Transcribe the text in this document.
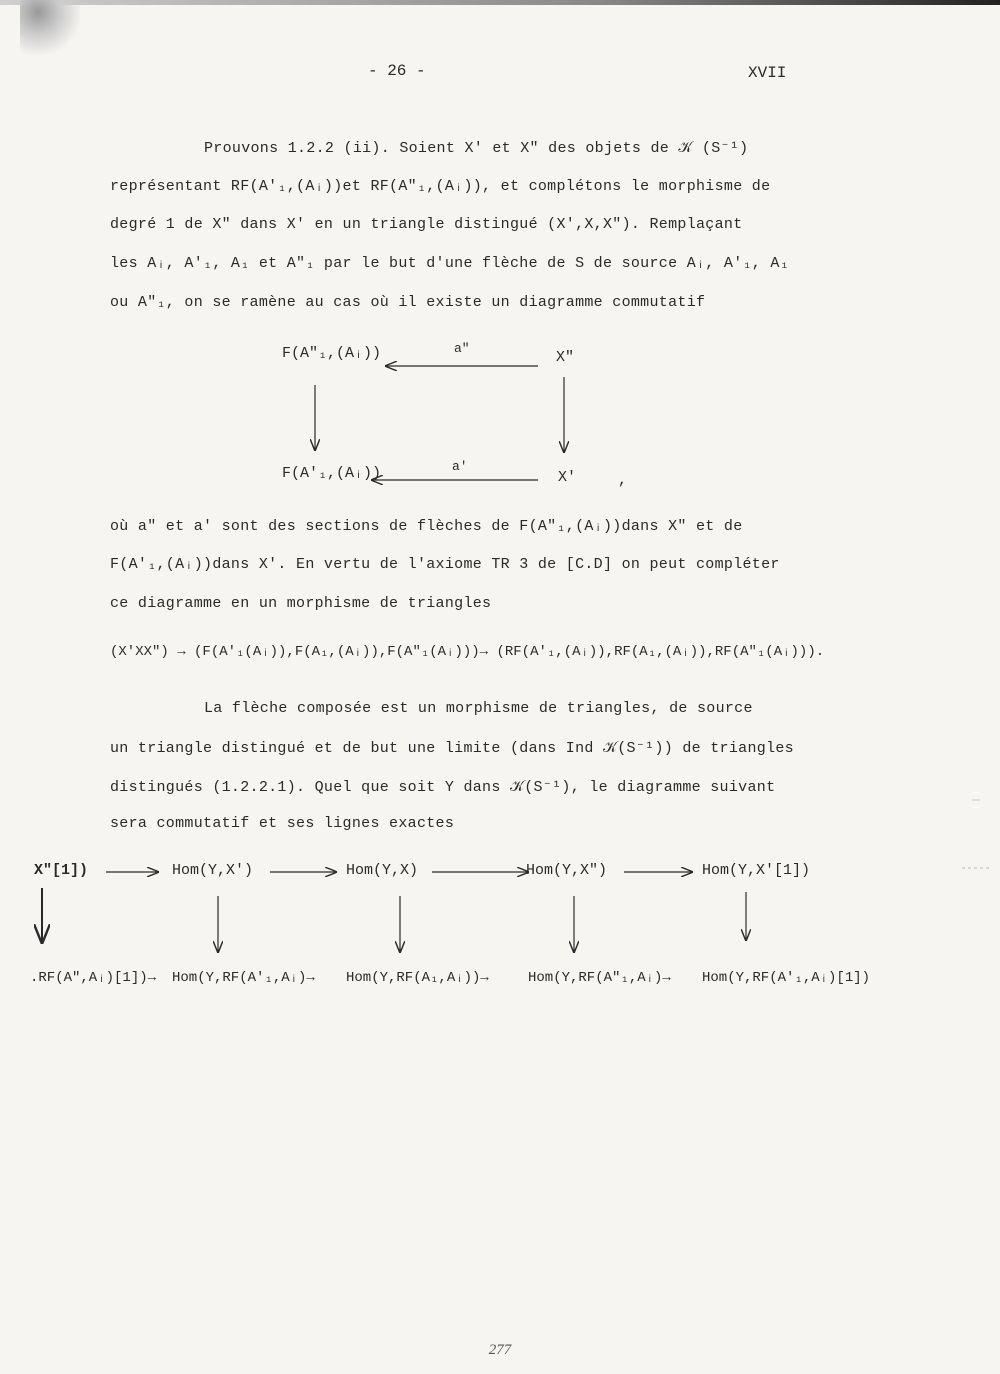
- 26 -	XVII
Prouvons 1.2.2 (ii). Soient X' et X" des objets de 𝒦 (S⁻¹)
représentant RF(A'₁,(Aᵢ))et RF(A"₁,(Aᵢ)), et complétons le morphisme de
degré 1 de X" dans X' en un triangle distingué (X',X,X"). Remplaçant
les Aᵢ, A'₁, A₁ et A"₁ par le but d'une flèche de S de source Aᵢ, A'₁, A₁
ou A"₁, on se ramène au cas où il existe un diagramme commutatif
F(A"₁,(Aᵢ))	X"
a"
F(A'₁,(Aᵢ))	X'
a'
,
où a" et a' sont des sections de flèches de F(A"₁,(Aᵢ))dans X" et de
F(A'₁,(Aᵢ))dans X'. En vertu de l'axiome TR 3 de [C.D] on peut compléter
ce diagramme en un morphisme de triangles
(X'XX") → (F(A'₁(Aᵢ)),F(A₁,(Aᵢ)),F(A"₁(Aᵢ)))→ (RF(A'₁,(Aᵢ)),RF(A₁,(Aᵢ)),RF(A"₁(Aᵢ))).
La flèche composée est un morphisme de triangles, de source
un triangle distingué et de but une limite (dans Ind 𝒦(S⁻¹)) de triangles
distingués (1.2.2.1). Quel que soit Y dans 𝒦(S⁻¹), le diagramme suivant
sera commutatif et ses lignes exactes
X"[1])	Hom(Y,X')	Hom(Y,X)	Hom(Y,X")	Hom(Y,X'[1])
.RF(A",Aᵢ)[1])→ Hom(Y,RF(A'₁,Aᵢ)→ Hom(Y,RF(A₁,Aᵢ))→	Hom(Y,RF(A"₁,Aᵢ)→ Hom(Y,RF(A'₁,Aᵢ)[1])
277
